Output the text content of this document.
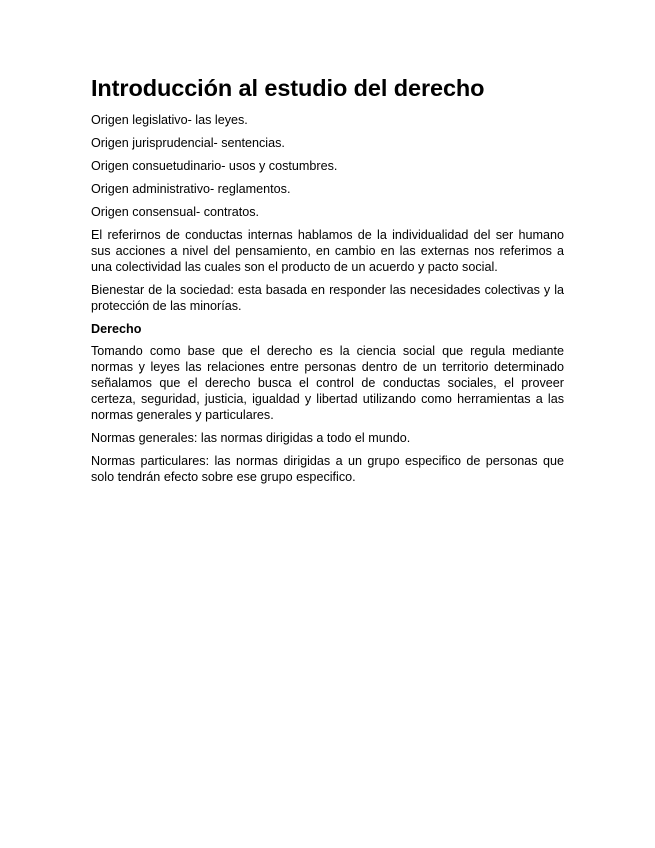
Introducción al estudio del derecho
Origen legislativo- las leyes.
Origen jurisprudencial- sentencias.
Origen consuetudinario- usos y costumbres.
Origen administrativo- reglamentos.
Origen consensual- contratos.
El referirnos de conductas internas hablamos de la individualidad del ser humano sus acciones a nivel del pensamiento, en cambio en las externas nos referimos a una colectividad las cuales son el producto de un acuerdo y pacto social.
Bienestar de la sociedad: esta basada en responder las necesidades colectivas y la protección de las minorías.
Derecho
Tomando como base que el derecho es la ciencia social que regula mediante normas y leyes las relaciones entre personas dentro de un territorio determinado señalamos que el derecho busca el control de conductas sociales, el proveer certeza, seguridad, justicia, igualdad y libertad utilizando como herramientas a las normas generales y particulares.
Normas generales: las normas dirigidas a todo el mundo.
Normas particulares: las normas dirigidas a un grupo especifico de personas que solo tendrán efecto sobre ese grupo especifico.
